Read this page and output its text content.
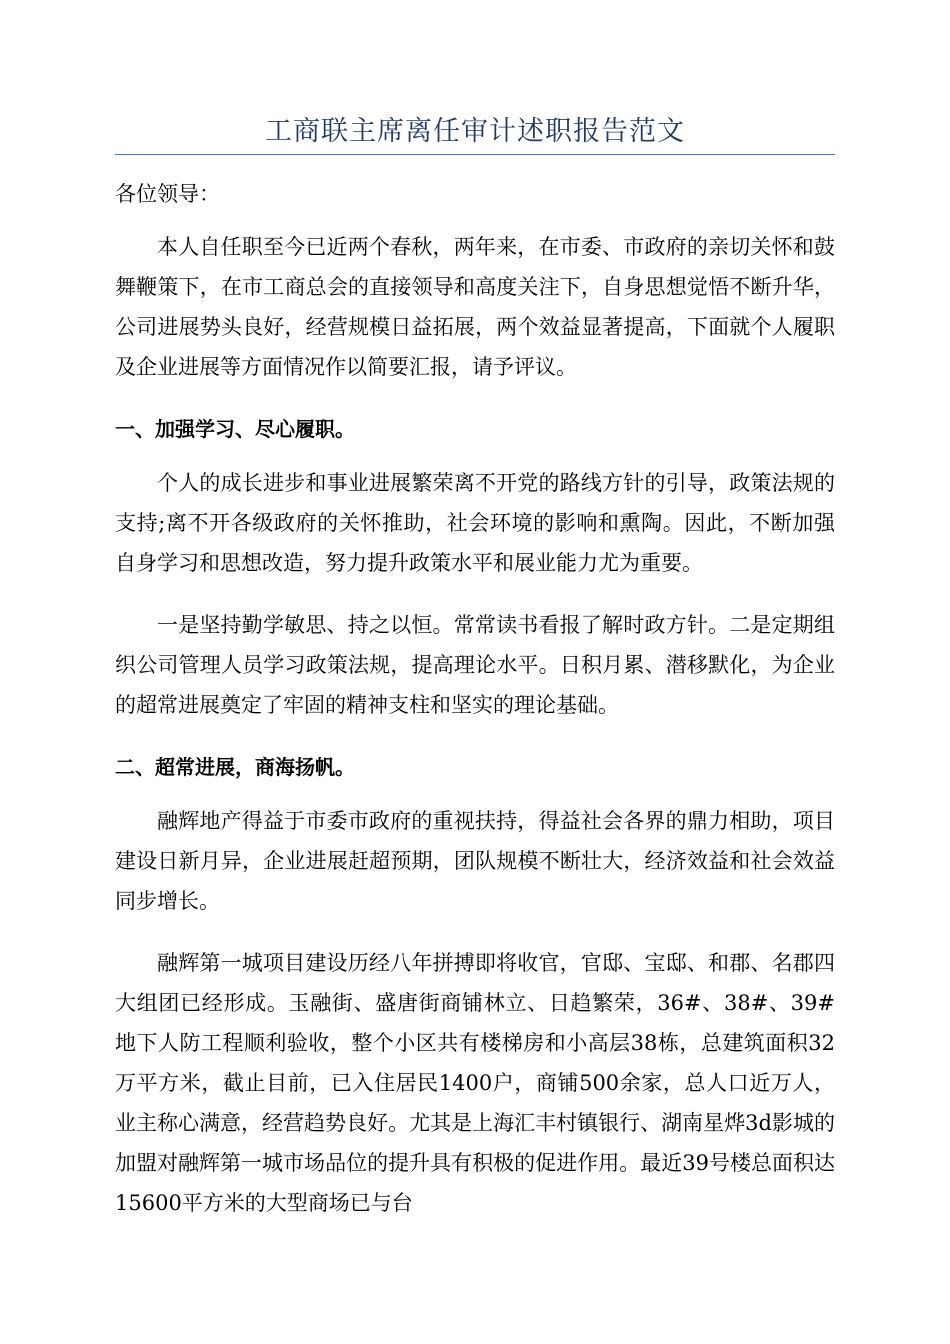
工商联主席离任审计述职报告范文

各位领导：

本人自任职至今已近两个春秋，两年来，在市委、市政府的亲切关怀和鼓舞鞭策下，在市工商总会的直接领导和高度关注下，自身思想觉悟不断升华，公司进展势头良好，经营规模日益拓展，两个效益显著提高，下面就个人履职及企业进展等方面情况作以简要汇报，请予评议。

一、加强学习、尽心履职。

个人的成长进步和事业进展繁荣离不开党的路线方针的引导，政策法规的支持;离不开各级政府的关怀推助，社会环境的影响和熏陶。因此，不断加强自身学习和思想改造，努力提升政策水平和展业能力尤为重要。

一是坚持勤学敏思、持之以恒。常常读书看报了解时政方针。二是定期组织公司管理人员学习政策法规，提高理论水平。日积月累、潜移默化，为企业的超常进展奠定了牢固的精神支柱和坚实的理论基础。

二、超常进展，商海扬帆。

融辉地产得益于市委市政府的重视扶持，得益社会各界的鼎力相助，项目建设日新月异，企业进展赶超预期，团队规模不断壮大，经济效益和社会效益同步增长。

融辉第一城项目建设历经八年拼搏即将收官，官邸、宝邸、和郡、名郡四大组团已经形成。玉融街、盛唐街商铺林立、日趋繁荣，36#、38#、39#地下人防工程顺利验收，整个小区共有楼梯房和小高层38栋，总建筑面积32万平方米，截止目前，已入住居民1400户，商铺500余家，总人口近万人，业主称心满意，经营趋势良好。尤其是上海汇丰村镇银行、湖南星烨3d影城的加盟对融辉第一城市场品位的提升具有积极的促进作用。最近39号楼总面积达15600平方米的大型商场已与台
